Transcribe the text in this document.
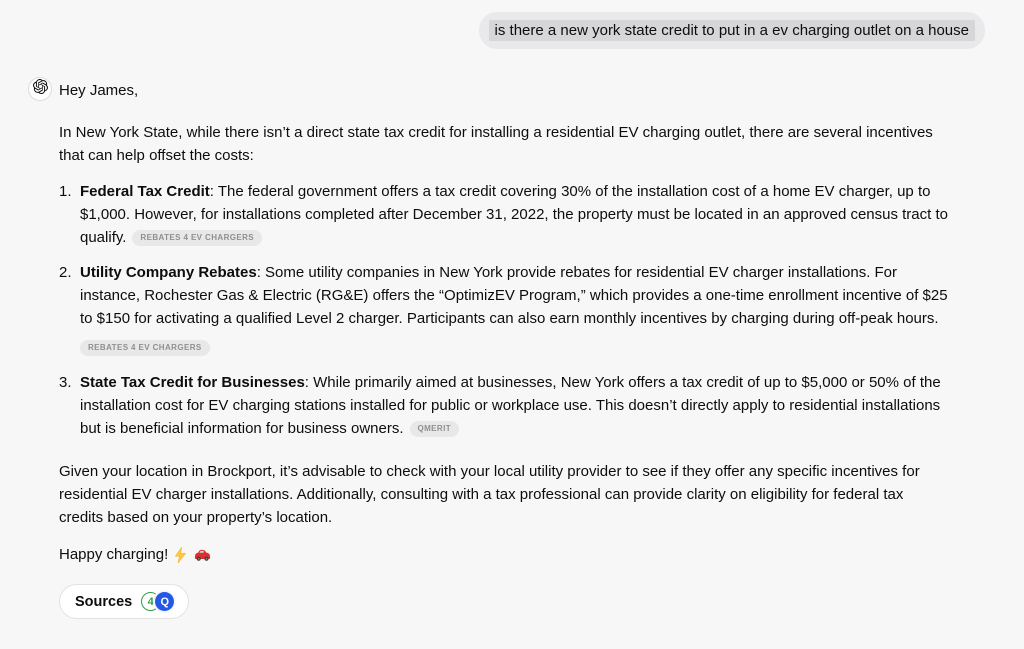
is there a new york state credit to put in a ev charging outlet on a house
Hey James,
In New York State, while there isn’t a direct state tax credit for installing a residential EV charging outlet, there are several incentives that can help offset the costs:
1. Federal Tax Credit: The federal government offers a tax credit covering 30% of the installation cost of a home EV charger, up to $1,000. However, for installations completed after December 31, 2022, the property must be located in an approved census tract to qualify. REBATES 4 EV CHARGERS
2. Utility Company Rebates: Some utility companies in New York provide rebates for residential EV charger installations. For instance, Rochester Gas & Electric (RG&E) offers the “OptimizEV Program,” which provides a one-time enrollment incentive of $25 to $150 for activating a qualified Level 2 charger. Participants can also earn monthly incentives by charging during off-peak hours.
REBATES 4 EV CHARGERS
3. State Tax Credit for Businesses: While primarily aimed at businesses, New York offers a tax credit of up to $5,000 or 50% of the installation cost for EV charging stations installed for public or workplace use. This doesn’t directly apply to residential installations but is beneficial information for business owners. QMERIT
Given your location in Brockport, it’s advisable to check with your local utility provider to see if they offer any specific incentives for residential EV charger installations. Additionally, consulting with a tax professional can provide clarity on eligibility for federal tax credits based on your property’s location.
Happy charging!
Sources	4 Q
